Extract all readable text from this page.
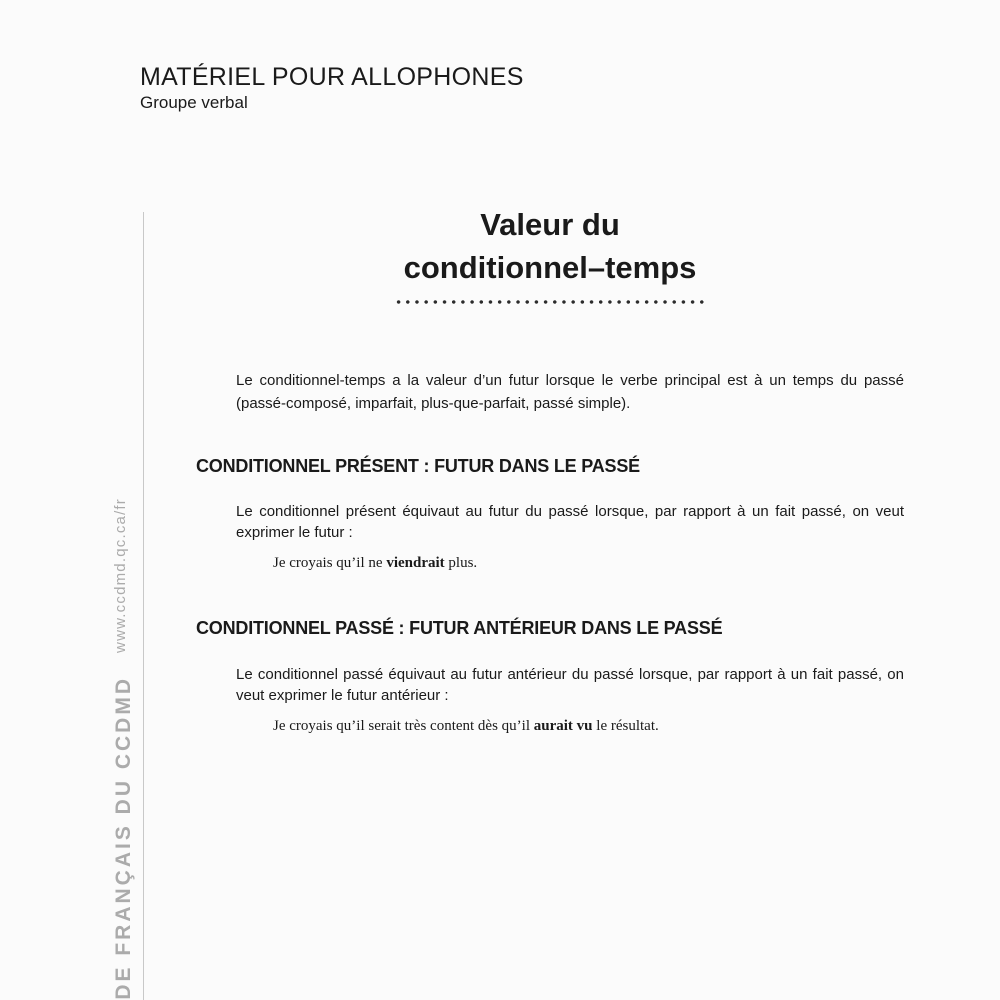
MATÉRIEL POUR ALLOPHONES
Groupe verbal
www.ccdmd.qc.ca/fr
DE FRANÇAIS DU CCDMD
Valeur du
conditionnel–temps
Le conditionnel-temps a la valeur d’un futur lorsque le verbe principal est à un temps du passé (passé-composé, imparfait, plus-que-parfait, passé simple).
CONDITIONNEL PRÉSENT : FUTUR DANS LE PASSÉ
Le conditionnel présent équivaut au futur du passé lorsque, par rapport à un fait passé, on veut exprimer le futur :
Je croyais qu’il ne viendrait plus.
CONDITIONNEL PASSÉ : FUTUR ANTÉRIEUR DANS LE PASSÉ
Le conditionnel passé équivaut au futur antérieur du passé lorsque, par rapport à un fait passé, on veut exprimer le futur antérieur :
Je croyais qu’il serait très content dès qu’il aurait vu le résultat.
